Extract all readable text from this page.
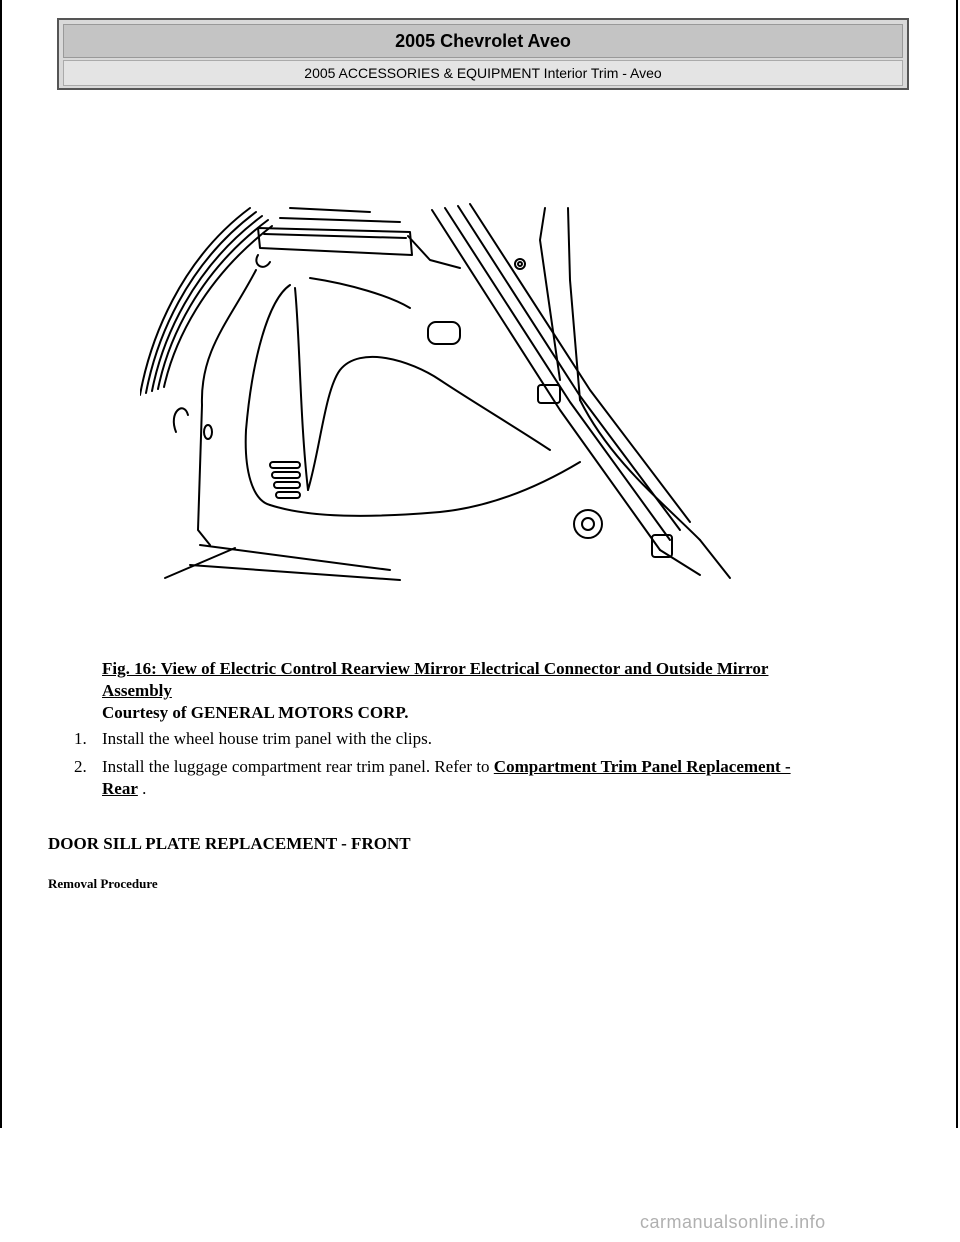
2005 Chevrolet Aveo
2005 ACCESSORIES & EQUIPMENT Interior Trim - Aveo
Fig. 16: View of Electric Control Rearview Mirror Electrical Connector and Outside Mirror
Assembly
Courtesy of GENERAL MOTORS CORP.
1. Install the wheel house trim panel with the clips.
2. Install the luggage compartment rear trim panel. Refer to Compartment Trim Panel Replacement -
Rear .
DOOR SILL PLATE REPLACEMENT - FRONT
Removal Procedure
carmanualsonline.info
